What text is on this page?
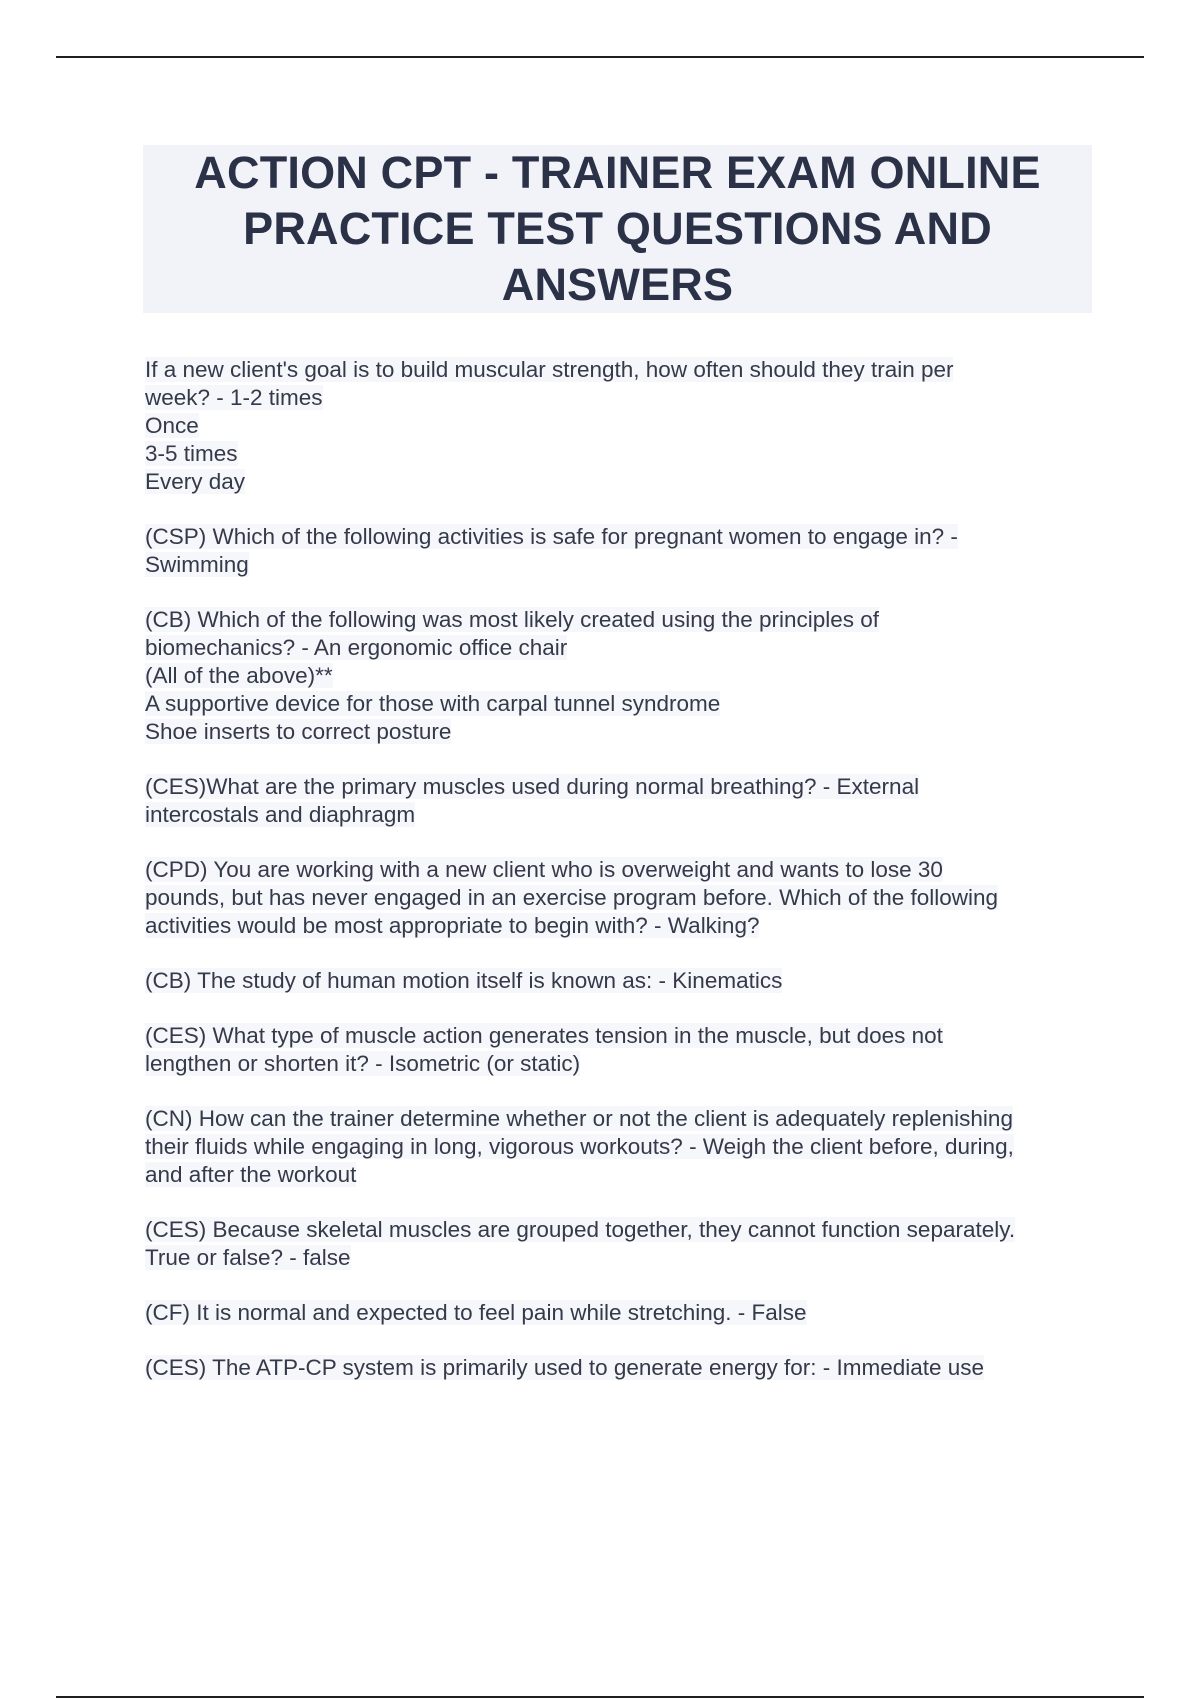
ACTION CPT - TRAINER EXAM ONLINE
PRACTICE TEST QUESTIONS AND
ANSWERS

If a new client's goal is to build muscular strength, how often should they train per
week? - 1-2 times
Once
3-5 times
Every day

(CSP) Which of the following activities is safe for pregnant women to engage in? -
Swimming

(CB) Which of the following was most likely created using the principles of
biomechanics? - An ergonomic office chair
(All of the above)**
A supportive device for those with carpal tunnel syndrome
Shoe inserts to correct posture

(CES)What are the primary muscles used during normal breathing? - External
intercostals and diaphragm

(CPD) You are working with a new client who is overweight and wants to lose 30
pounds, but has never engaged in an exercise program before. Which of the following
activities would be most appropriate to begin with? - Walking?

(CB) The study of human motion itself is known as: - Kinematics

(CES) What type of muscle action generates tension in the muscle, but does not
lengthen or shorten it? - Isometric (or static)

(CN) How can the trainer determine whether or not the client is adequately replenishing
their fluids while engaging in long, vigorous workouts? - Weigh the client before, during,
and after the workout

(CES) Because skeletal muscles are grouped together, they cannot function separately.
True or false? - false

(CF) It is normal and expected to feel pain while stretching. - False

(CES) The ATP-CP system is primarily used to generate energy for: - Immediate use
